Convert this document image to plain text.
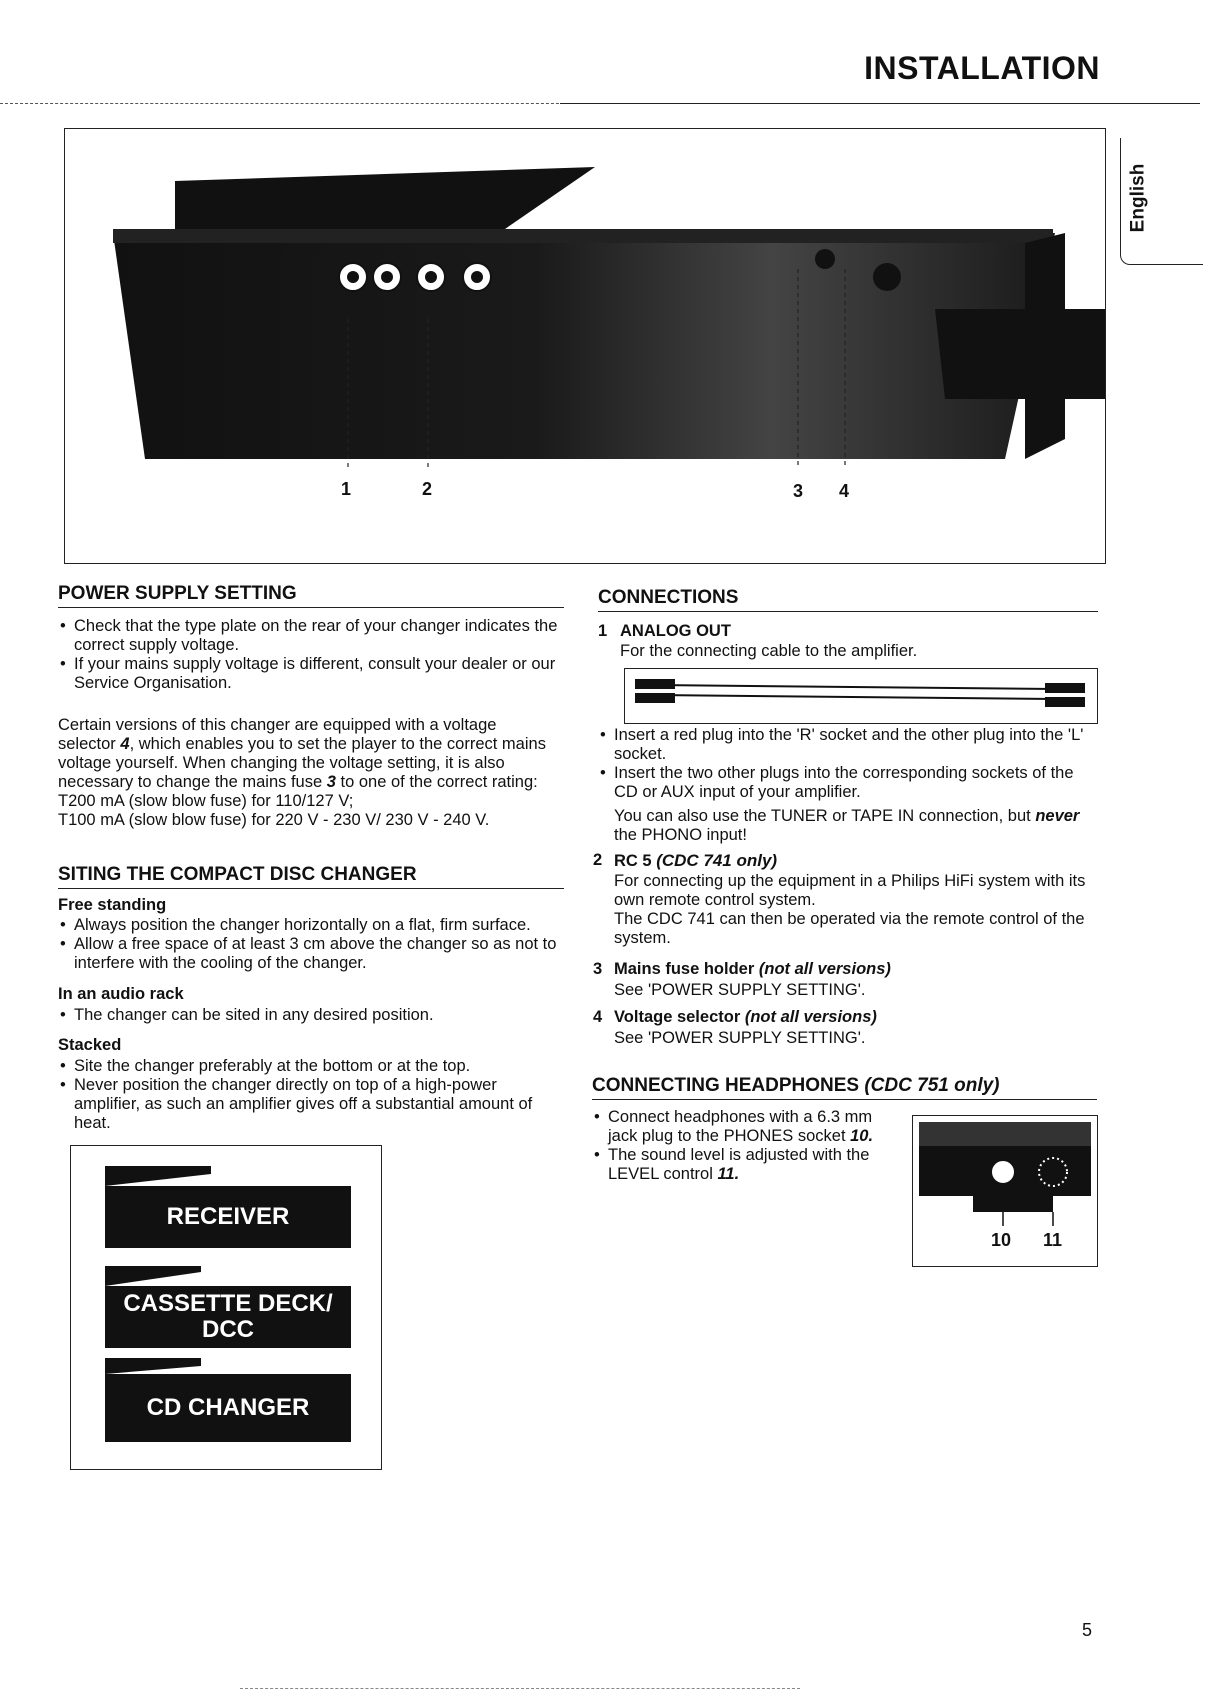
INSTALLATION
English
1	2	3 4
POWER SUPPLY SETTING
• Check that the type plate on the rear of your changer indicates the correct supply voltage.
• If your mains supply voltage is different, consult your dealer or our Service Organisation.
Certain versions of this changer are equipped with a voltage selector 4, which enables you to set the player to the correct mains voltage yourself. When changing the voltage setting, it is also necessary to change the mains fuse 3 to one of the correct rating: T200 mA (slow blow fuse) for 110/127 V;
T100 mA (slow blow fuse) for 220 V - 230 V/ 230 V - 240 V.
SITING THE COMPACT DISC CHANGER
Free standing
• Always position the changer horizontally on a flat, firm surface.
• Allow a free space of at least 3 cm above the changer so as not to interfere with the cooling of the changer.
In an audio rack
• The changer can be sited in any desired position.
Stacked
• Site the changer preferably at the bottom or at the top.
• Never position the changer directly on top of a high-power amplifier, as such an amplifier gives off a substantial amount of heat.
RECEIVER
CASSETTE DECK/ DCC
CD CHANGER
CONNECTIONS
1 ANALOG OUT
For the connecting cable to the amplifier.
• Insert a red plug into the 'R' socket and the other plug into the 'L' socket.
• Insert the two other plugs into the corresponding sockets of the CD or AUX input of your amplifier.
You can also use the TUNER or TAPE IN connection, but never the PHONO input!
2 RC 5 (CDC 741 only)
For connecting up the equipment in a Philips HiFi system with its own remote control system.
The CDC 741 can then be operated via the remote control of the system.
3 Mains fuse holder (not all versions)
See 'POWER SUPPLY SETTING'.
4 Voltage selector (not all versions)
See 'POWER SUPPLY SETTING'.
CONNECTING HEADPHONES (CDC 751 only)
• Connect headphones with a 6.3 mm jack plug to the PHONES socket 10.
• The sound level is adjusted with the LEVEL control 11.
10 11
5
